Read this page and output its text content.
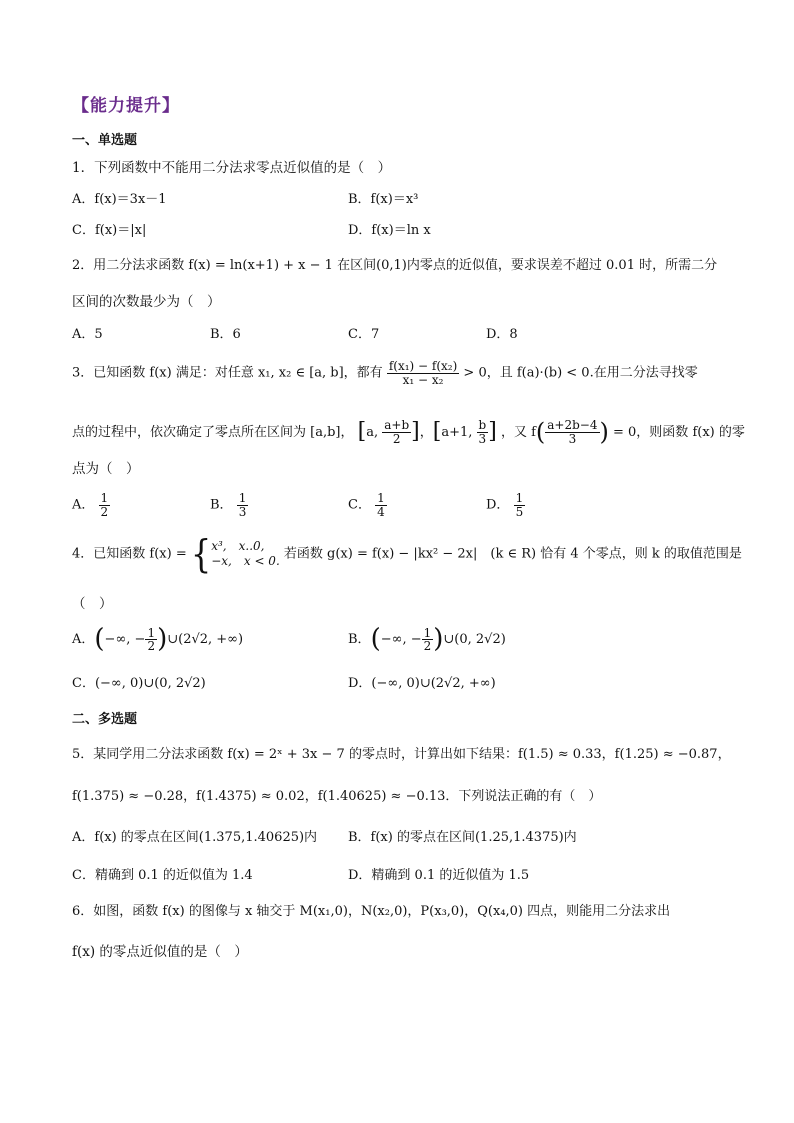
【能力提升】
一、单选题
1．下列函数中不能用二分法求零点近似值的是（　）
A．f(x)＝3x－1	B．f(x)＝x³
C．f(x)＝|x|	D．f(x)＝ln x
2．用二分法求函数 f(x) = ln(x+1) + x − 1 在区间(0,1)内零点的近似值，要求误差不超过 0.01 时，所需二分
区间的次数最少为（　）
A．5	B．6	C．7	D．8
3．已知函数 f(x) 满足：对任意 x₁, x₂ ∈ [a, b]，都有 $\frac{\text{f(x₁) − f(x₂)}}{\text{x₁ − x₂}} > 0$，且 f(a)·(b) < 0.在用二分法寻找零
点的过程中，依次确定了零点所在区间为 [a,b]， [a, $\frac{a+b}{2}$ ]，[a+1, $\frac{b}{3}$ ] ，又 $f( \frac{a+2b-4}{3}$ ) = 0，则函数 f(x) 的零
点为（　）
A． $\frac{1}{2}$	B． $\frac{1}{3}$	C． $\frac{1}{4}$	D． $\frac{1}{5}$
4．已知函数 f(x) = { x³,　x..0,
−x,　x < 0. 若函数 g(x) = f(x) − |kx² − 2x|　(k ∈ R) 恰有 4 个零点，则 k 的取值范围是
（　）
A．(−∞, − $\frac{1}{2}$ )∪(2√2, +∞)	B．(−∞, − $\frac{1}{2}$ )∪(0, 2√2)
C．(−∞, 0)∪(0, 2√2)	D．(−∞, 0)∪(2√2, +∞)
二、多选题
5．某同学用二分法求函数 f(x) = 2ˣ + 3x − 7 的零点时，计算出如下结果：f(1.5) ≈ 0.33，f(1.25) ≈ −0.87，
f(1.375) ≈ −0.28，f(1.4375) ≈ 0.02，f(1.40625) ≈ −0.13．下列说法正确的有（　）
A．f(x) 的零点在区间(1.375,1.40625)内 B．f(x) 的零点在区间(1.25,1.4375)内
C．精确到 0.1 的近似值为 1.4	D．精确到 0.1 的近似值为 1.5
6．如图，函数 f(x) 的图像与 x 轴交于 M(x₁,0)，N(x₂,0)，P(x₃,0)，Q(x₄,0) 四点，则能用二分法求出
f(x) 的零点近似值的是（　）
